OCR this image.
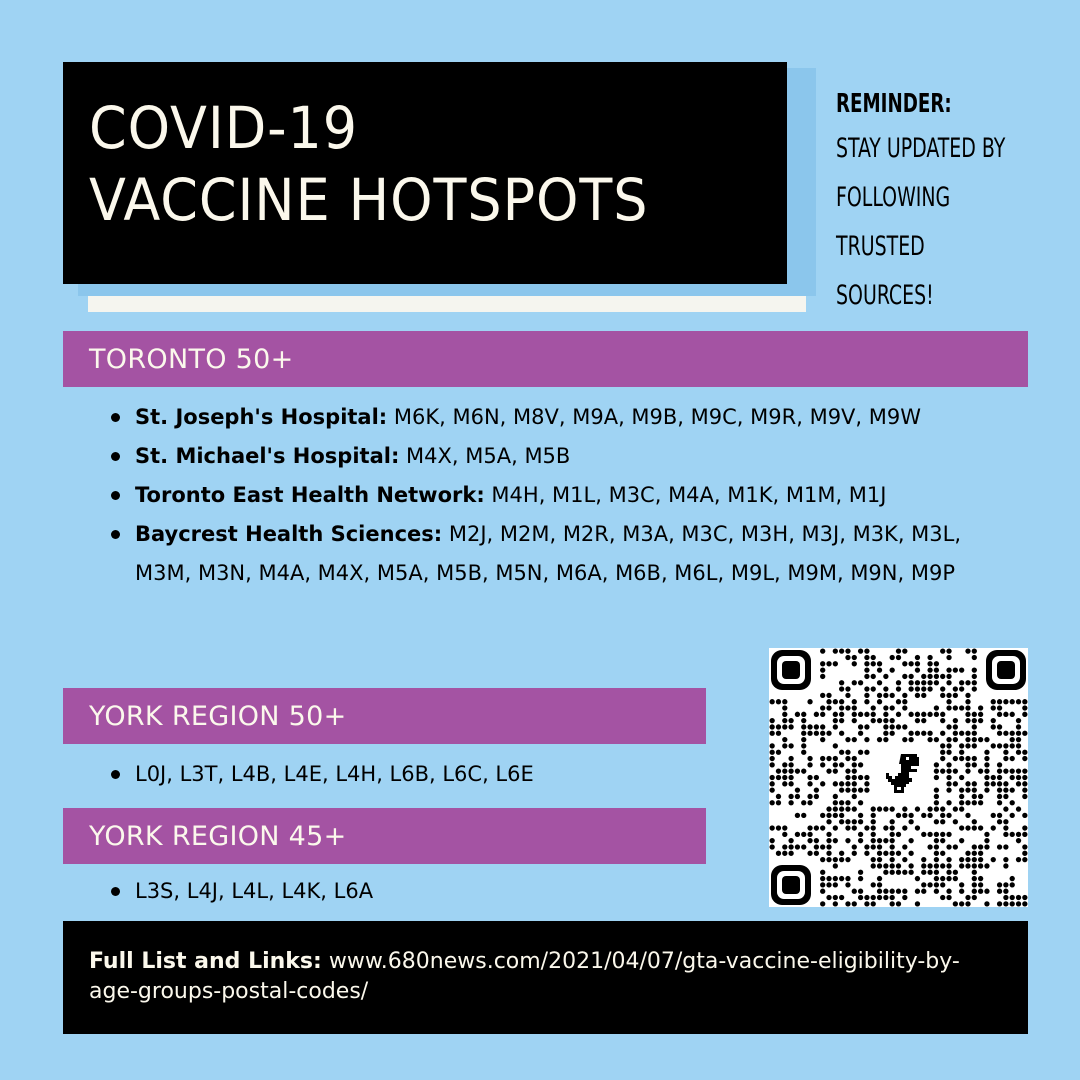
COVID-19
VACCINE HOTSPOTS
REMINDER:
STAY UPDATED BY
FOLLOWING
TRUSTED
SOURCES!
TORONTO 50+
St. Joseph's Hospital: M6K, M6N, M8V, M9A, M9B, M9C, M9R, M9V, M9W
St. Michael's Hospital: M4X, M5A, M5B
Toronto East Health Network: M4H, M1L, M3C, M4A, M1K, M1M, M1J
Baycrest Health Sciences: M2J, M2M, M2R, M3A, M3C, M3H, M3J, M3K, M3L, M3M, M3N, M4A, M4X, M5A, M5B, M5N, M6A, M6B, M6L, M9L, M9M, M9N, M9P
YORK REGION 50+
L0J, L3T, L4B, L4E, L4H, L6B, L6C, L6E
YORK REGION 45+
L3S, L4J, L4L, L4K, L6A
Full List and Links: www.680news.com/2021/04/07/gta-vaccine-eligibility-by-age-groups-postal-codes/
